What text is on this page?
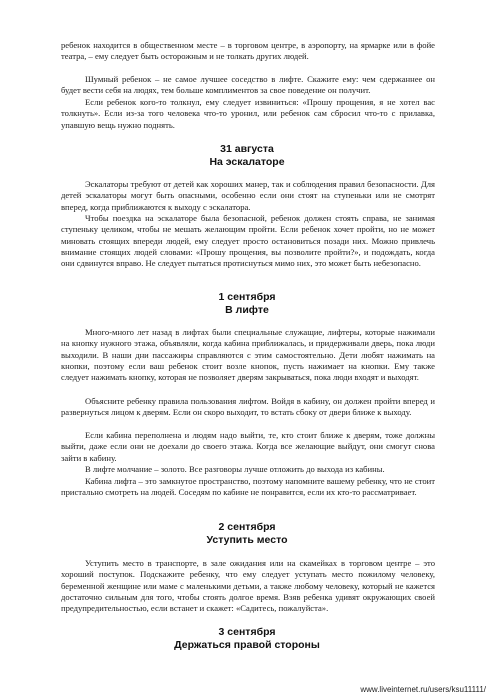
ребенок находится в общественном месте – в торговом центре, в аэропорту, на ярмарке или в фойе театра, – ему следует быть осторожным и не толкать других людей.

Шумный ребенок – не самое лучшее соседство в лифте. Скажите ему: чем сдержаннее он будет вести себя на людях, тем больше комплиментов за свое поведение он получит.

Если ребенок кого-то толкнул, ему следует извиниться: «Прошу прощения, я не хотел вас толкнуть». Если из-за того человека что-то уронил, или ребенок сам сбросил что-то с прилавка, упавшую вещь нужно поднять.

31 августа
На эскалаторе

Эскалаторы требуют от детей как хороших манер, так и соблюдения правил безопасности. Для детей эскалаторы могут быть опасными, особенно если они стоят на ступеньки или не смотрят вперед, когда приближаются к выходу с эскалатора.

Чтобы поездка на эскалаторе была безопасной, ребенок должен стоять справа, не занимая ступеньку целиком, чтобы не мешать желающим пройти. Если ребенок хочет пройти, но не может миновать стоящих впереди людей, ему следует просто остановиться позади них. Можно привлечь внимание стоящих людей словами: «Прошу прощения, вы позволите пройти?», и подождать, когда они сдвинутся вправо. Не следует пытаться протиснуться мимо них, это может быть небезопасно.

1 сентября
В лифте

Много-много лет назад в лифтах были специальные служащие, лифтеры, которые нажимали на кнопку нужного этажа, объявляли, когда кабина приближалась, и придерживали дверь, пока люди выходили. В наши дни пассажиры справляются с этим самостоятельно. Дети любят нажимать на кнопки, поэтому если ваш ребенок стоит возле кнопок, пусть нажимает на кнопки. Ему также следует нажимать кнопку, которая не позволяет дверям закрываться, пока люди входят и выходят.

Объясните ребенку правила пользования лифтом. Войдя в кабину, он должен пройти вперед и развернуться лицом к дверям. Если он скоро выходит, то встать сбоку от двери ближе к выходу.

Если кабина переполнена и людям надо выйти, те, кто стоит ближе к дверям, тоже должны выйти, даже если они не доехали до своего этажа. Когда все желающие выйдут, они смогут снова зайти в кабину.

В лифте молчание – золото. Все разговоры лучше отложить до выхода из кабины.

Кабина лифта – это замкнутое пространство, поэтому напомните вашему ребенку, что не стоит пристально смотреть на людей. Соседям по кабине не понравится, если их кто-то рассматривает.

2 сентября
Уступить место

Уступить место в транспорте, в зале ожидания или на скамейках в торговом центре – это хороший поступок. Подскажите ребенку, что ему следует уступать место пожилому человеку, беременной женщине или маме с маленькими детьми, а также любому человеку, который не кажется достаточно сильным для того, чтобы стоять долгое время. Взяв ребенка удивят окружающих своей предупредительностью, если встанет и скажет: «Садитесь, пожалуйста».

3 сентября
Держаться правой стороны
www.liveinternet.ru/users/ksu11111/
